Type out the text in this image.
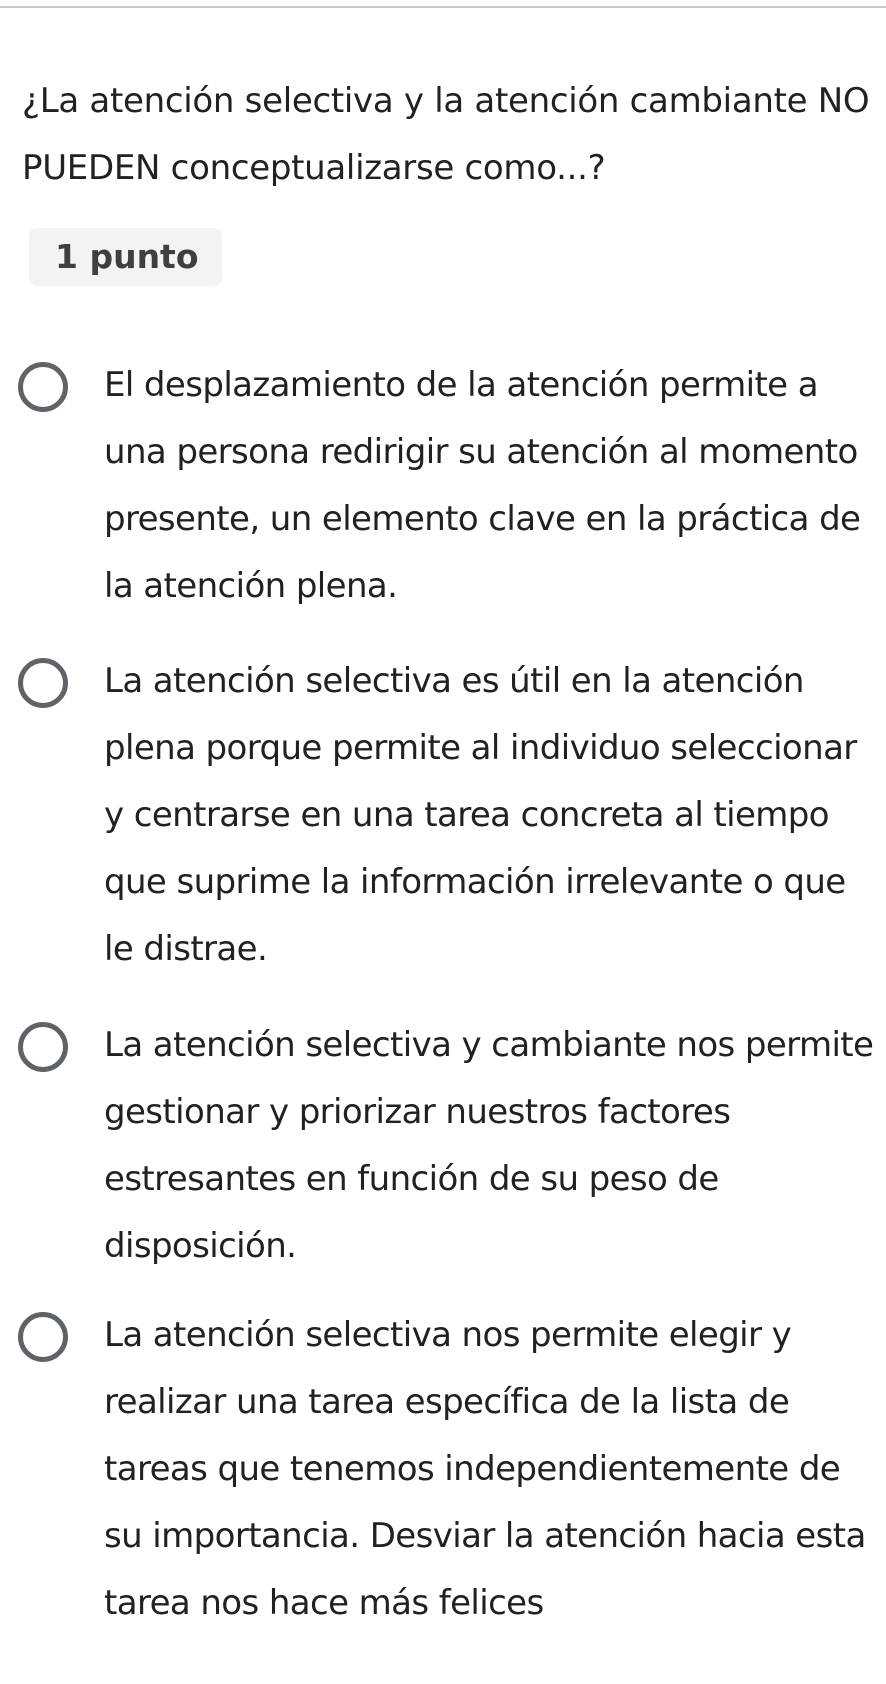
¿La atención selectiva y la atención cambiante NO PUEDEN conceptualizarse como...?
1 punto
El desplazamiento de la atención permite a una persona redirigir su atención al momento presente, un elemento clave en la práctica de la atención plena.
La atención selectiva es útil en la atención plena porque permite al individuo seleccionar y centrarse en una tarea concreta al tiempo que suprime la información irrelevante o que le distrae.
La atención selectiva y cambiante nos permite gestionar y priorizar nuestros factores estresantes en función de su peso de disposición.
La atención selectiva nos permite elegir y realizar una tarea específica de la lista de tareas que tenemos independientemente de su importancia. Desviar la atención hacia esta tarea nos hace más felices
